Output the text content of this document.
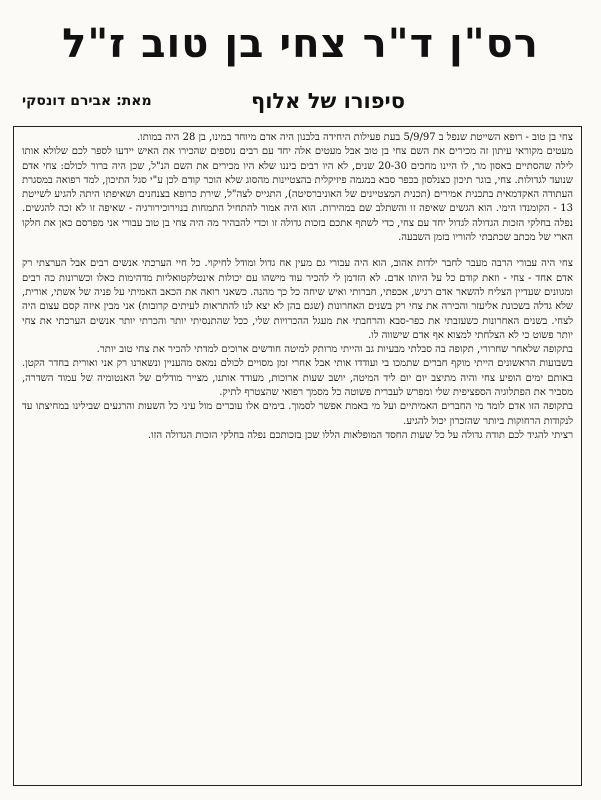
רס"ן ד"ר צחי בן טוב ז"ל
סיפורו של אלוף
מאת: אבירם דונסקי

צחי בן טוב - רופא השייטת שנפל ב 5/9/97 בעת פעילות היחידה בלבנון היה אדם מיוחד במינו, בן 28 היה במותו.

מעטים מקוראי עיתון זה מכירים את השם צחי בן טוב אבל מעטים אלה יחד עם רבים נוספים שהכירו את האיש יידעו לספר לכם שלולא אותו לילה שהסתיים באסון מר, לו היינו מחכים 20-30 שנים, לא היו רבים ביננו שלא היו מכירים את השם הנ"ל, שכן היה ברור לכולם: צחי אדם שנועד לגדולות. צחי, בוגר תיכון כצנלסון בכפר סבא במגמה פיזיקלית בהצטיינות מהסוג שלא הוכר קודם לכן ע"י סגל התיכון, למד רפואה במסגרת העתודה האקדמאית בתכנית אמירים (תכנית המצטיינים של האוניברסיטה), התגייס לצה"ל, שירת כרופא בצנחנים ושאיפתו היתה להגיע לשייטת 13 - הקומנדו הימי. הוא הגשים שאיפה זו והשתלב שם במהירות. הוא היה אמור להתחיל התמחות בנוירוכירורגיה - שאיפה זו לא זכה להגשים. נפלה בחלקי הזכות הגדולה לגדול יחד עם צחי, כדי לשתף אתכם בזכות גדולה זו וכדי להבהיר מה היה צחי בן טוב עבורי אני מפרסם כאן את חלקו הארי של מכתב שכתבתי להוריו בזמן השבעה.

צחי היה עבורי הרבה מעבר לחבר ילדות אהוב, הוא היה עבורי גם מעין אח גדול ומודל לחיקוי. כל חיי הערכתי אנשים רבים אבל הערצתי רק אדם אחד - צחי - וזאת קודם כל על היותו אדם. לא הזדמן לי להכיר עוד מישהו עם יכולות אינטלקטואליות מדהימות כאלו וכשרונות כה רבים ומגוונים שעדיין הצליח להשאר אדם רגיש, אכפתי, חברותי ואיש שיחה כל כך מהנה. כשאני רואה את הכאב האמיתי על פניה של אשתי, אורית, שלא גדלה בשכונת אליעזר והכירה את צחי רק בשנים האחרונות (שגם בהן לא יצא לנו להתראות לעיתים קרובות) אני מבין איזה קסם עצום היה לצחי. בשנים האחרונות כשעזבתי את כפר-סבא והרחבתי את מעגל ההכרויות שלי, ככל שהתנסיתי יותר והכרתי יותר אנשים הערכתי את צחי יותר פשוט כי לא הצלחתי למצוא אף אדם שישווה לו.

בתקופה שלאחר שחרורי, תקופה בה סבלתי מבעיות גב והייתי מרותק למיטה חודשים ארוכים למדתי להכיר את צחי טוב יותר.

בשבועות הראשונים הייתי מוקף חברים שתמכו בי ועודדו אותי אבל אחרי זמן מסויים לכולם נמאס מהעניין ונשארנו רק אני ואורית בחדר הקטן. באותם ימים הופיע צחי והיה מתיצב יום יום ליד המיטה, יושב שעות ארוכות, מעודד אותנו, מצייר מודלים של האנטומיה של עמוד השדרה, מסביר את הפתלוגיה הספציפית שלי ומפרש לעברית פשוטה כל מסמך רפואי שהצטרף לתיק.

בתקופה הזו אדם לומד מי החברים האמיתיים ועל מי באמת אפשר לסמוך. בימים אלו עוברים מול עיני כל השעות והרגעים שבילינו במחיצתו עד לנקודות הרחוקות ביותר שהזכרון יכול להגיע.

רציתי להגיד לכם תודה גדולה על כל שעות החסד המופלאות הללו שכן בזכותכם נפלה בחלקי הזכות הגדולה הזו.
